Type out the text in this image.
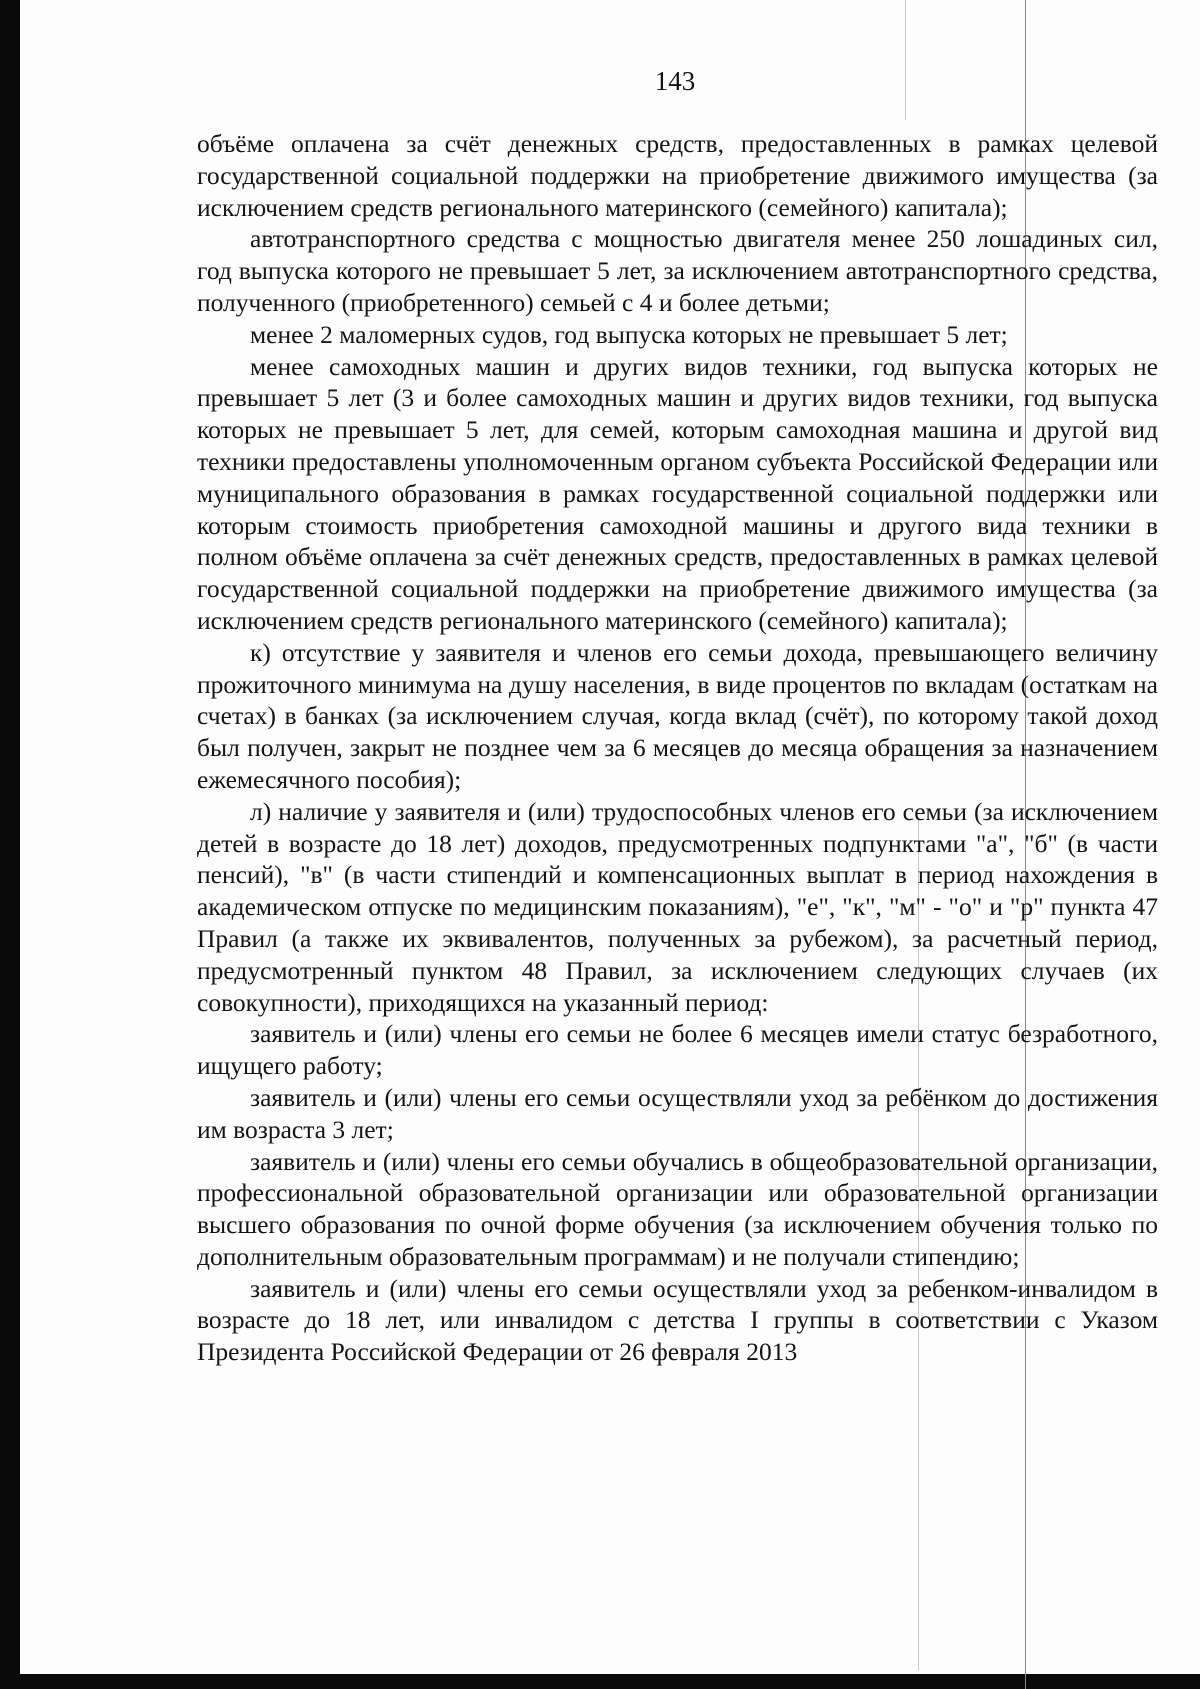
143

объёме оплачена за счёт денежных средств, предоставленных в рамках целевой государственной социальной поддержки на приобретение движимого имущества (за исключением средств регионального материнского (семейного) капитала);

автотранспортного средства с мощностью двигателя менее 250 лошадиных сил, год выпуска которого не превышает 5 лет, за исключением автотранспортного средства, полученного (приобретенного) семьей с 4 и более детьми;

менее 2 маломерных судов, год выпуска которых не превышает 5 лет;

менее самоходных машин и других видов техники, год выпуска которых не превышает 5 лет (3 и более самоходных машин и других видов техники, год выпуска которых не превышает 5 лет, для семей, которым самоходная машина и другой вид техники предоставлены уполномоченным органом субъекта Российской Федерации или муниципального образования в рамках государственной социальной поддержки или которым стоимость приобретения самоходной машины и другого вида техники в полном объёме оплачена за счёт денежных средств, предоставленных в рамках целевой государственной социальной поддержки на приобретение движимого имущества (за исключением средств регионального материнского (семейного) капитала);

к) отсутствие у заявителя и членов его семьи дохода, превышающего величину прожиточного минимума на душу населения, в виде процентов по вкладам (остаткам на счетах) в банках (за исключением случая, когда вклад (счёт), по которому такой доход был получен, закрыт не позднее чем за 6 месяцев до месяца обращения за назначением ежемесячного пособия);

л) наличие у заявителя и (или) трудоспособных членов его семьи (за исключением детей в возрасте до 18 лет) доходов, предусмотренных подпунктами "а", "б" (в части пенсий), "в" (в части стипендий и компенсационных выплат в период нахождения в академическом отпуске по медицинским показаниям), "е", "к", "м" - "о" и "р" пункта 47 Правил (а также их эквивалентов, полученных за рубежом), за расчетный период, предусмотренный пунктом 48 Правил, за исключением следующих случаев (их совокупности), приходящихся на указанный период:

заявитель и (или) члены его семьи не более 6 месяцев имели статус безработного, ищущего работу;

заявитель и (или) члены его семьи осуществляли уход за ребёнком до достижения им возраста 3 лет;

заявитель и (или) члены его семьи обучались в общеобразовательной организации, профессиональной образовательной организации или образовательной организации высшего образования по очной форме обучения (за исключением обучения только по дополнительным образовательным программам) и не получали стипендию;

заявитель и (или) члены его семьи осуществляли уход за ребенком-инвалидом в возрасте до 18 лет, или инвалидом с детства I группы в соответствии с Указом Президента Российской Федерации от 26 февраля 2013
